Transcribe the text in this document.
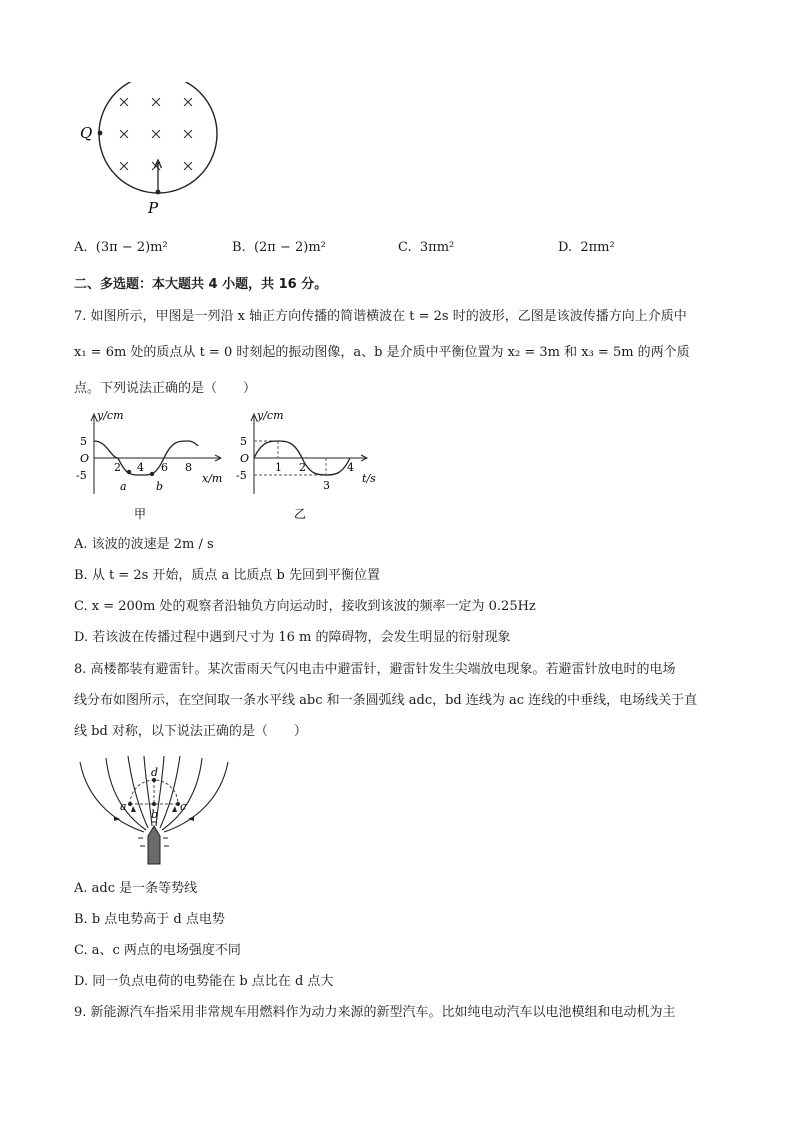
Q
P
A. (3π − 2)m²	B. (2π − 2)m²	C. 3πm²	D. 2πm²
二、多选题：本大题共 4 小题，共 16 分。
7. 如图所示，甲图是一列沿 x 轴正方向传播的简谐横波在 t = 2s 时的波形，乙图是该波传播方向上介质中
x₁ = 6m 处的质点从 t = 0 时刻起的振动图像，a、b 是介质中平衡位置为 x₂ = 3m 和 x₃ = 5m 的两个质
点。下列说法正确的是（　　）
y/cm
5
O
-5
2 4 6 8
x/m
a	b
甲
y/cm
5
O
-5
1 2
3
4
t/s
乙
A. 该波的波速是 2m / s
B. 从 t = 2s 开始，质点 a 比质点 b 先回到平衡位置
C. x = 200m 处的观察者沿轴负方向运动时，接收到该波的频率一定为 0.25Hz
D. 若该波在传播过程中遇到尺寸为 16 m 的障碍物，会发生明显的衍射现象
8. 高楼都装有避雷针。某次雷雨天气闪电击中避雷针，避雷针发生尖端放电现象。若避雷针放电时的电场
线分布如图所示，在空间取一条水平线 abc 和一条圆弧线 adc，bd 连线为 ac 连线的中垂线，电场线关于直
线 bd 对称，以下说法正确的是（　　）
a
b
c
d
A. adc 是一条等势线
B. b 点电势高于 d 点电势
C. a、c 两点的电场强度不同
D. 同一负点电荷的电势能在 b 点比在 d 点大
9. 新能源汽车指采用非常规车用燃料作为动力来源的新型汽车。比如纯电动汽车以电池模组和电动机为主
